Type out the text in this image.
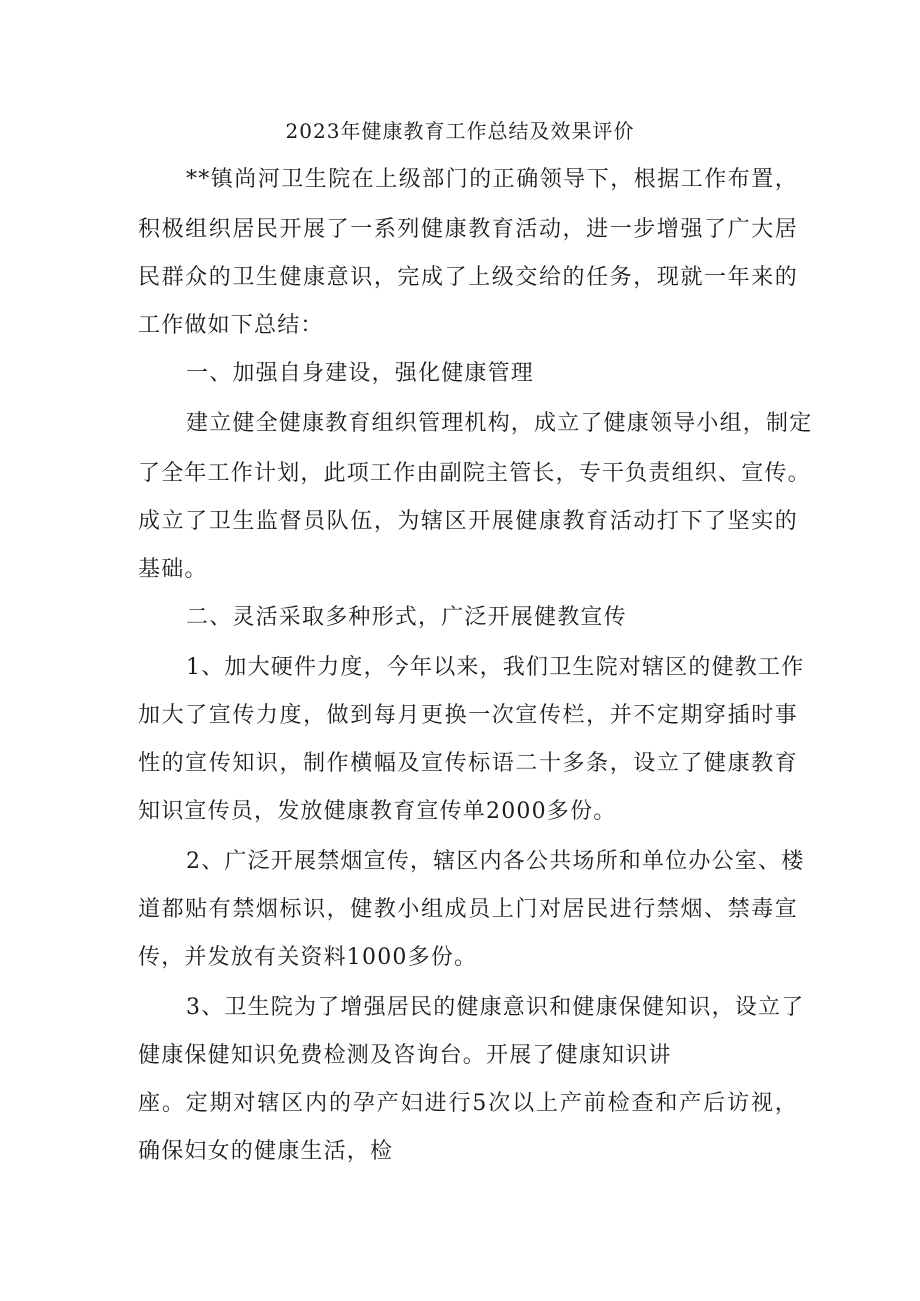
2023年健康教育工作总结及效果评价
**镇尚河卫生院在上级部门的正确领导下，根据工作布置，
积极组织居民开展了一系列健康教育活动，进一步增强了广大居
民群众的卫生健康意识，完成了上级交给的任务，现就一年来的
工作做如下总结：
一、加强自身建设，强化健康管理
建立健全健康教育组织管理机构，成立了健康领导小组，制定
了全年工作计划，此项工作由副院主管长，专干负责组织、宣传。
成立了卫生监督员队伍，为辖区开展健康教育活动打下了坚实的
基础。
二、灵活采取多种形式，广泛开展健教宣传
1、加大硬件力度，今年以来，我们卫生院对辖区的健教工作
加大了宣传力度，做到每月更换一次宣传栏，并不定期穿插时事
性的宣传知识，制作横幅及宣传标语二十多条，设立了健康教育
知识宣传员，发放健康教育宣传单2000多份。
2、广泛开展禁烟宣传，辖区内各公共场所和单位办公室、楼
道都贴有禁烟标识，健教小组成员上门对居民进行禁烟、禁毒宣
传，并发放有关资料1000多份。
3、卫生院为了增强居民的健康意识和健康保健知识，设立了
健康保健知识免费检测及咨询台。开展了健康知识讲
座。定期对辖区内的孕产妇进行5次以上产前检查和产后访视，
确保妇女的健康生活，检
